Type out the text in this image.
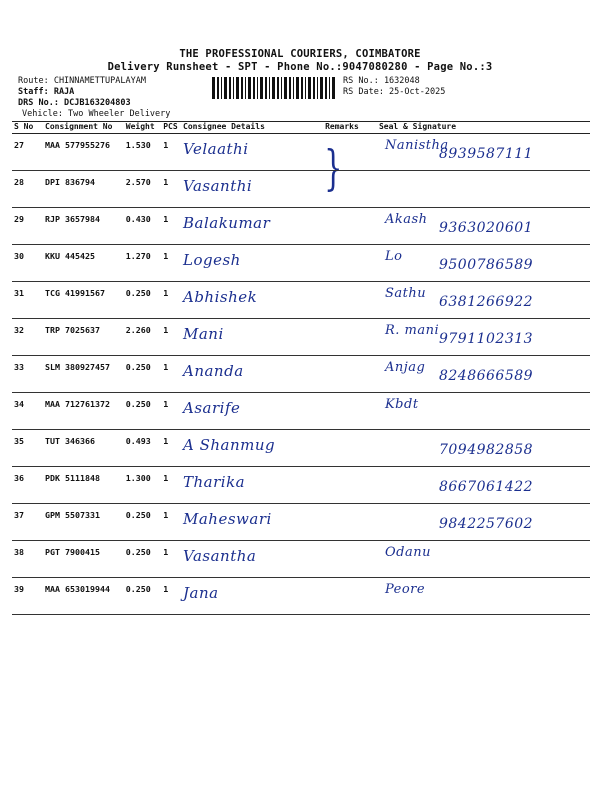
THE PROFESSIONAL COURIERS, COIMBATORE
Delivery Runsheet - SPT - Phone No.:9047080280 - Page No.:3
Route: CHINNAMETTUPALAYAM
Staff: RAJA
DRS No.: DCJB163204803
Vehicle: Two Wheeler Delivery
RS No.: 1632048
RS Date: 25-Oct-2025
}
S No	Consignment No	Weight	PCS	Consignee Details	Remarks	Seal & Signature
27	MAA 577955276	1.530	1	Velaathi		Nanistha
8939587111

28	DPI 836794	2.570	1	Vasanthi		

29	RJP 3657984	0.430	1	Balakumar		Akash
9363020601

30	KKU 445425	1.270	1	Logesh		Lo
9500786589

31	TCG 41991567	0.250	1	Abhishek		Sathu
6381266922

32	TRP 7025637	2.260	1	Mani		R. mani
9791102313

33	SLM 380927457	0.250	1	Ananda		Anjag
8248666589

34	MAA 712761372	0.250	1	Asarife		Kbdt

35	TUT 346366	0.493	1	A Shanmug		7094982858

36	PDK 5111848	1.300	1	Tharika		8667061422

37	GPM 5507331	0.250	1	Maheswari		9842257602

38	PGT 7900415	0.250	1	Vasantha		Odanu

39	MAA 653019944	0.250	1	Jana		Peore
